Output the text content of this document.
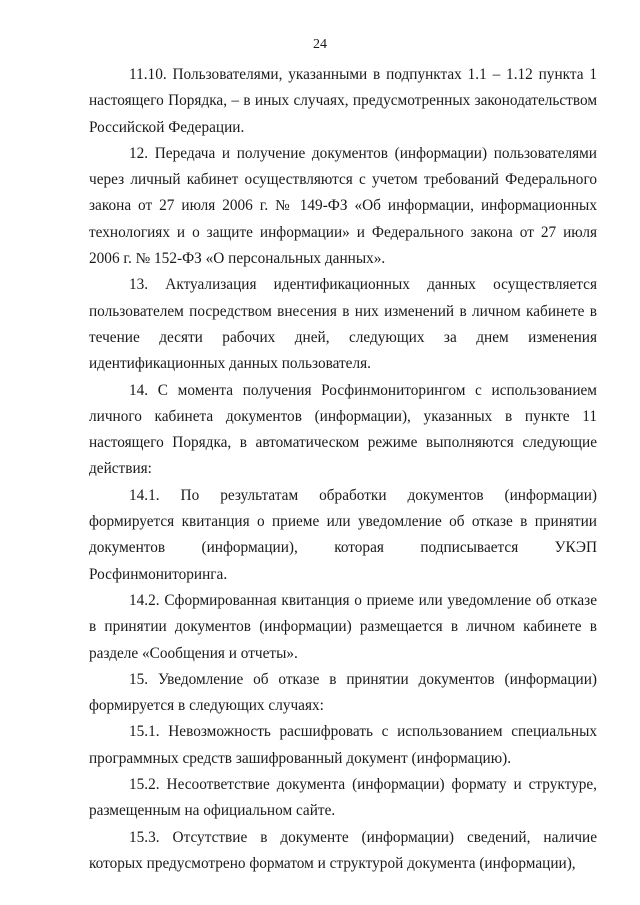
24

11.10. Пользователями, указанными в подпунктах 1.1 – 1.12 пункта 1 настоящего Порядка, – в иных случаях, предусмотренных законодательством Российской Федерации.

12. Передача и получение документов (информации) пользователями через личный кабинет осуществляются с учетом требований Федерального закона от 27 июля 2006 г. № 149-ФЗ «Об информации, информационных технологиях и о защите информации» и Федерального закона от 27 июля 2006 г. № 152-ФЗ «О персональных данных».

13. Актуализация идентификационных данных осуществляется пользователем посредством внесения в них изменений в личном кабинете в течение десяти рабочих дней, следующих за днем изменения идентификационных данных пользователя.

14. С момента получения Росфинмониторингом с использованием личного кабинета документов (информации), указанных в пункте 11 настоящего Порядка, в автоматическом режиме выполняются следующие действия:

14.1. По результатам обработки документов (информации) формируется квитанция о приеме или уведомление об отказе в принятии документов (информации), которая подписывается УКЭП Росфинмониторинга.

14.2. Сформированная квитанция о приеме или уведомление об отказе в принятии документов (информации) размещается в личном кабинете в разделе «Сообщения и отчеты».

15. Уведомление об отказе в принятии документов (информации) формируется в следующих случаях:

15.1. Невозможность расшифровать с использованием специальных программных средств зашифрованный документ (информацию).

15.2. Несоответствие документа (информации) формату и структуре, размещенным на официальном сайте.

15.3. Отсутствие в документе (информации) сведений, наличие которых предусмотрено форматом и структурой документа (информации),
